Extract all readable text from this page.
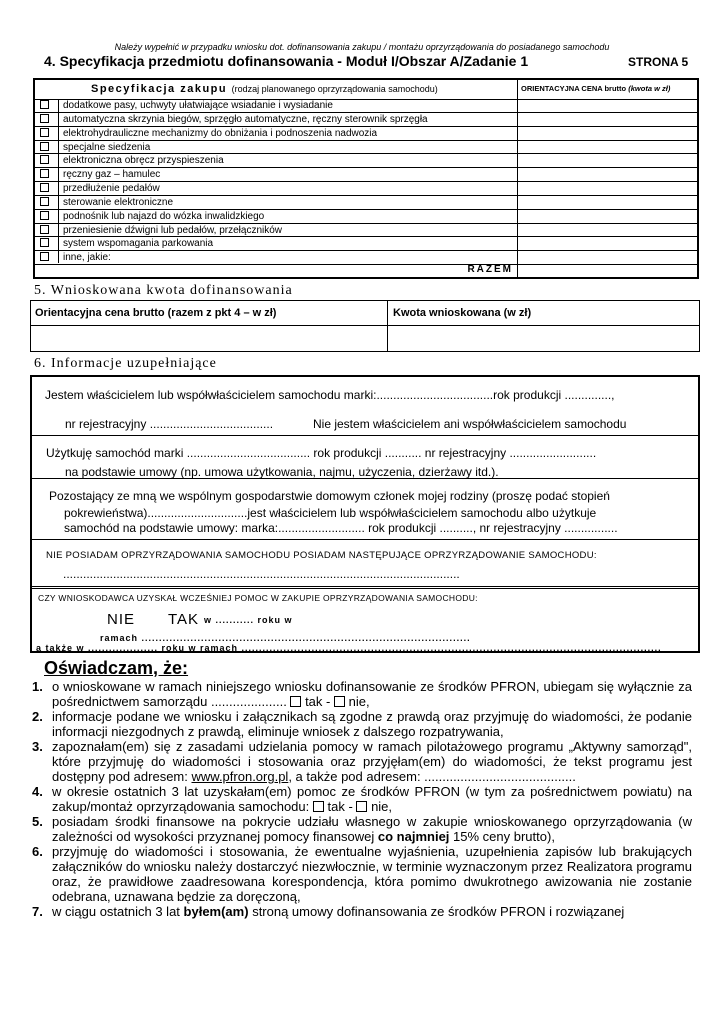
Należy wypełnić w przypadku wniosku dot. dofinansowania zakupu / montażu oprzyrządowania do posiadanego samochodu
4. Specyfikacja przedmiotu dofinansowania - Moduł I/Obszar A/Zadanie 1	STRONA 5
Specyfikacja zakupu (rodzaj planowanego oprzyrządowania samochodu)	ORIENTACYJNA CENA brutto (kwota w zł)
dodatkowe pasy, uchwyty ułatwiające wsiadanie i wysiadanie
automatyczna skrzynia biegów, sprzęgło automatyczne, ręczny sterownik sprzęgła
elektrohydrauliczne mechanizmy do obniżania i podnoszenia nadwozia
specjalne siedzenia
elektroniczna obręcz przyspieszenia
ręczny gaz – hamulec
przedłużenie pedałów
sterowanie elektroniczne
podnośnik lub najazd do wózka inwalidzkiego
przeniesienie dźwigni lub pedałów, przełączników
system wspomagania parkowania
inne, jakie:
RAZEM
5. Wnioskowana kwota dofinansowania
Orientacyjna cena brutto (razem z pkt 4 – w zł)	Kwota wnioskowana (w zł)
6. Informacje uzupełniające
Jestem właścicielem lub współwłaścicielem samochodu marki:...................................rok produkcji ..............,
nr rejestracyjny .....................................	Nie jestem właścicielem ani współwłaścicielem samochodu
Użytkuję samochód marki ..................................... rok produkcji ........... nr rejestracyjny ..........................
na podstawie umowy (np. umowa użytkowania, najmu, użyczenia, dzierżawy itd.).
Pozostający ze mną we wspólnym gospodarstwie domowym członek mojej rodziny (proszę podać stopień
pokrewieństwa)..............................jest właścicielem lub współwłaścicielem samochodu albo użytkuje
samochód na podstawie umowy: marka:.......................... rok produkcji .........., nr rejestracyjny ................
NIE POSIADAM OPRZYRZĄDOWANIA SAMOCHODU POSIADAM NASTĘPUJĄCE OPRZYRZĄDOWANIE SAMOCHODU:
.......................................................................................................................
CZY WNIOSKODAWCA UZYSKAŁ WCZEŚNIEJ POMOC W ZAKUPIE OPRZYRZĄDOWANIA SAMOCHODU:
NIE TAK w ........... roku w
ramach ..............................................................................................
a także w .................... roku w ramach ........................................................................................................................
Oświadczam, że:
1. o wnioskowane w ramach niniejszego wniosku dofinansowanie ze środków PFRON, ubiegam się wyłącznie za pośrednictwem samorządu ..................... tak - nie,
2. informacje podane we wniosku i załącznikach są zgodne z prawdą oraz przyjmuję do wiadomości, że podanie informacji niezgodnych z prawdą, eliminuje wniosek z dalszego rozpatrywania,
3. zapoznałam(em) się z zasadami udzielania pomocy w ramach pilotażowego programu „Aktywny samorząd", które przyjmuję do wiadomości i stosowania oraz przyjęłam(em) do wiadomości, że tekst programu jest dostępny pod adresem: www.pfron.org.pl, a także pod adresem: ..........................................
4. w okresie ostatnich 3 lat uzyskałam(em) pomoc ze środków PFRON (w tym za pośrednictwem powiatu) na zakup/montaż oprzyrządowania samochodu: tak - nie,
5. posiadam środki finansowe na pokrycie udziału własnego w zakupie wnioskowanego oprzyrządowania (w zależności od wysokości przyznanej pomocy finansowej co najmniej 15% ceny brutto),
6. przyjmuję do wiadomości i stosowania, że ewentualne wyjaśnienia, uzupełnienia zapisów lub brakujących załączników do wniosku należy dostarczyć niezwłocznie, w terminie wyznaczonym przez Realizatora programu oraz, że prawidłowe zaadresowana korespondencja, która pomimo dwukrotnego awizowania nie zostanie odebrana, uznawana będzie za doręczoną,
7. w ciągu ostatnich 3 lat byłem(am) stroną umowy dofinansowania ze środków PFRON i rozwiązanej
